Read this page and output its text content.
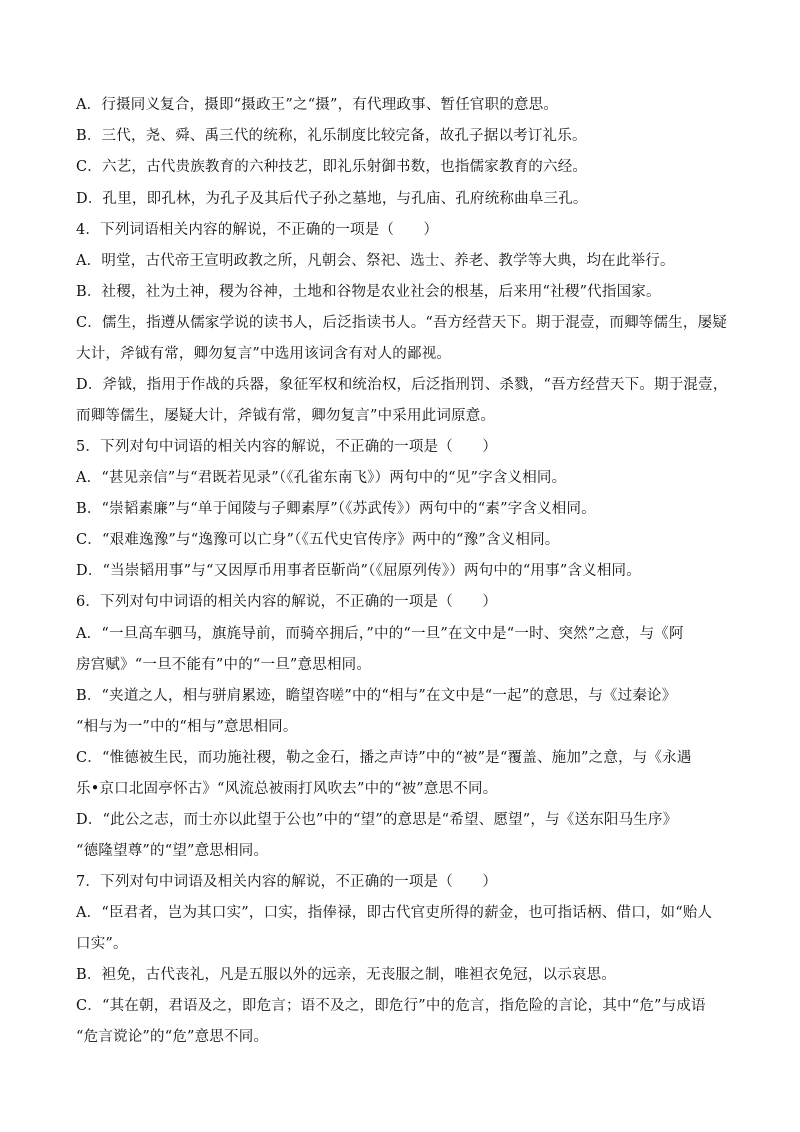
A．行摄同义复合，摄即“摄政王”之“摄”，有代理政事、暂任官职的意思。
B．三代，尧、舜、禹三代的统称，礼乐制度比较完备，故孔子据以考订礼乐。
C．六艺，古代贵族教育的六种技艺，即礼乐射御书数，也指儒家教育的六经。
D．孔里，即孔林，为孔子及其后代子孙之墓地，与孔庙、孔府统称曲阜三孔。
4．下列词语相关内容的解说，不正确的一项是（　　）
A．明堂，古代帝王宣明政教之所，凡朝会、祭祀、选士、养老、教学等大典，均在此举行。
B．社稷，社为土神，稷为谷神，土地和谷物是农业社会的根基，后来用“社稷”代指国家。
C．儒生，指遵从儒家学说的读书人，后泛指读书人。“吾方经营天下。期于混壹，而卿等儒生，屡疑
大计，斧钺有常，卿勿复言”中选用该词含有对人的鄙视。
D．斧钺，指用于作战的兵器，象征军权和统治权，后泛指刑罚、杀戮，“吾方经营天下。期于混壹，
而卿等儒生，屡疑大计，斧钺有常，卿勿复言”中采用此词原意。
5．下列对句中词语的相关内容的解说，不正确的一项是（　　）
A．“甚见亲信”与“君既若见录”（《孔雀东南飞》）两句中的“见”字含义相同。
B．“崇韬素廉”与“单于闻陵与子卿素厚”（《苏武传》）两句中的“素”字含义相同。
C．“艰难逸豫”与“逸豫可以亡身”（《五代史官传序》两中的“豫”含义相同。
D．“当崇韬用事”与“又因厚币用事者臣靳尚”（《屈原列传》）两句中的“用事”含义相同。
6．下列对句中词语的相关内容的解说，不正确的一项是（　　）
A．“一旦高车驷马，旗旄导前，而骑卒拥后，”中的“一旦”在文中是“一时、突然”之意，与《阿
房宫赋》“一旦不能有”中的“一旦”意思相同。
B．“夹道之人，相与骈肩累迹，瞻望咨嗟”中的“相与”在文中是“一起”的意思，与《过秦论》
“相与为一”中的“相与”意思相同。
C．“惟德被生民，而功施社稷，勒之金石，播之声诗”中的“被”是“覆盖、施加”之意，与《永遇
乐•京口北固亭怀古》“风流总被雨打风吹去”中的“被”意思不同。
D．“此公之志，而士亦以此望于公也”中的“望”的意思是“希望、愿望”，与《送东阳马生序》
“德隆望尊”的“望”意思相同。
7．下列对句中词语及相关内容的解说，不正确的一项是（　　）
A．“臣君者，岂为其口实”，口实，指俸禄，即古代官吏所得的薪金，也可指话柄、借口，如“贻人
口实”。
B．袒免，古代丧礼，凡是五服以外的远亲，无丧服之制，唯袒衣免冠，以示哀思。
C．“其在朝，君语及之，即危言；语不及之，即危行”中的危言，指危险的言论，其中“危”与成语
“危言谠论”的“危”意思不同。
